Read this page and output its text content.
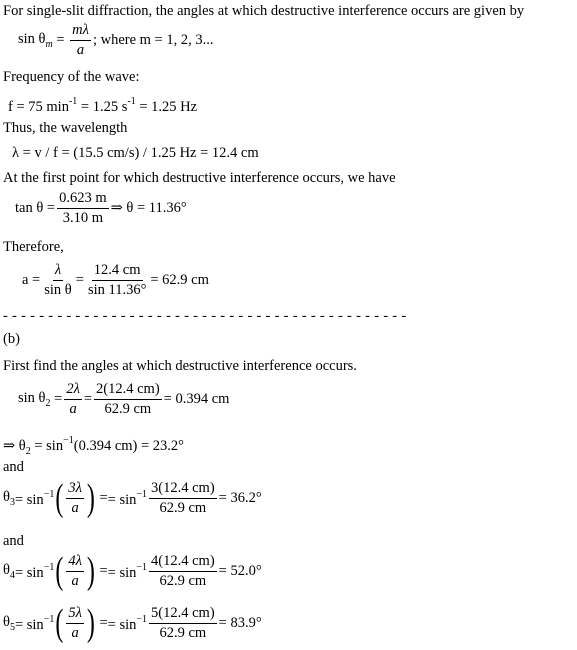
For single-slit diffraction, the angles at which destructive interference occurs are given by
$\sin \theta_m = \frac{m\lambda}{a}$ ; where m = 1, 2, 3...
Frequency of the wave:
f = 75 $\min^{-1} = 1.25$ $s^{-1} = 1.25$ Hz
Thus, the wavelength
λ = v / f = (15.5 cm/s) / 1.25 Hz = 12.4 cm
At the first point for which destructive interference occurs, we have
$\tan \theta = \frac{0.623 m}{3.10 m}$ ⇒ θ = 11.36°
Therefore,
$a = \frac{\lambda}{\text{sin θ}} = \frac{12.4 cm}{\sin 11.36^\circ} = 62.9$ cm
- - - - - - - - - - - - - - - - - - - - - - - - - - - - - - - - - - - - - - - - - - - - -
(b)
First find the angles at which destructive interference occurs.
$\sin \theta_2$
= $\frac{2\lambda}{a} = \frac{2(12.4 cm)}{62.9 cm} = 0.394$ cm
⇒ $\theta_2 = \sin^{-1}(0.394$ cm) = 23.2°
and
$\theta_3 = \sin^{-1}$ ( $\frac{3\lambda}{a}$ ) = = $\sin^{-1} \frac{3(12.4 cm)}{62.9 cm} = 36.2^\circ$
and
$\theta_4 = \sin^{-1}$ ( $\frac{4\lambda}{a}$ ) = = $\sin^{-1} \frac{4(12.4 cm)}{62.9 cm} = 52.0^\circ$
$\theta_5 = \sin^{-1}$ ( $\frac{5\lambda}{a}$ ) = = $\sin^{-1} \frac{5(12.4 cm)}{62.9 cm} = 83.9^\circ$
